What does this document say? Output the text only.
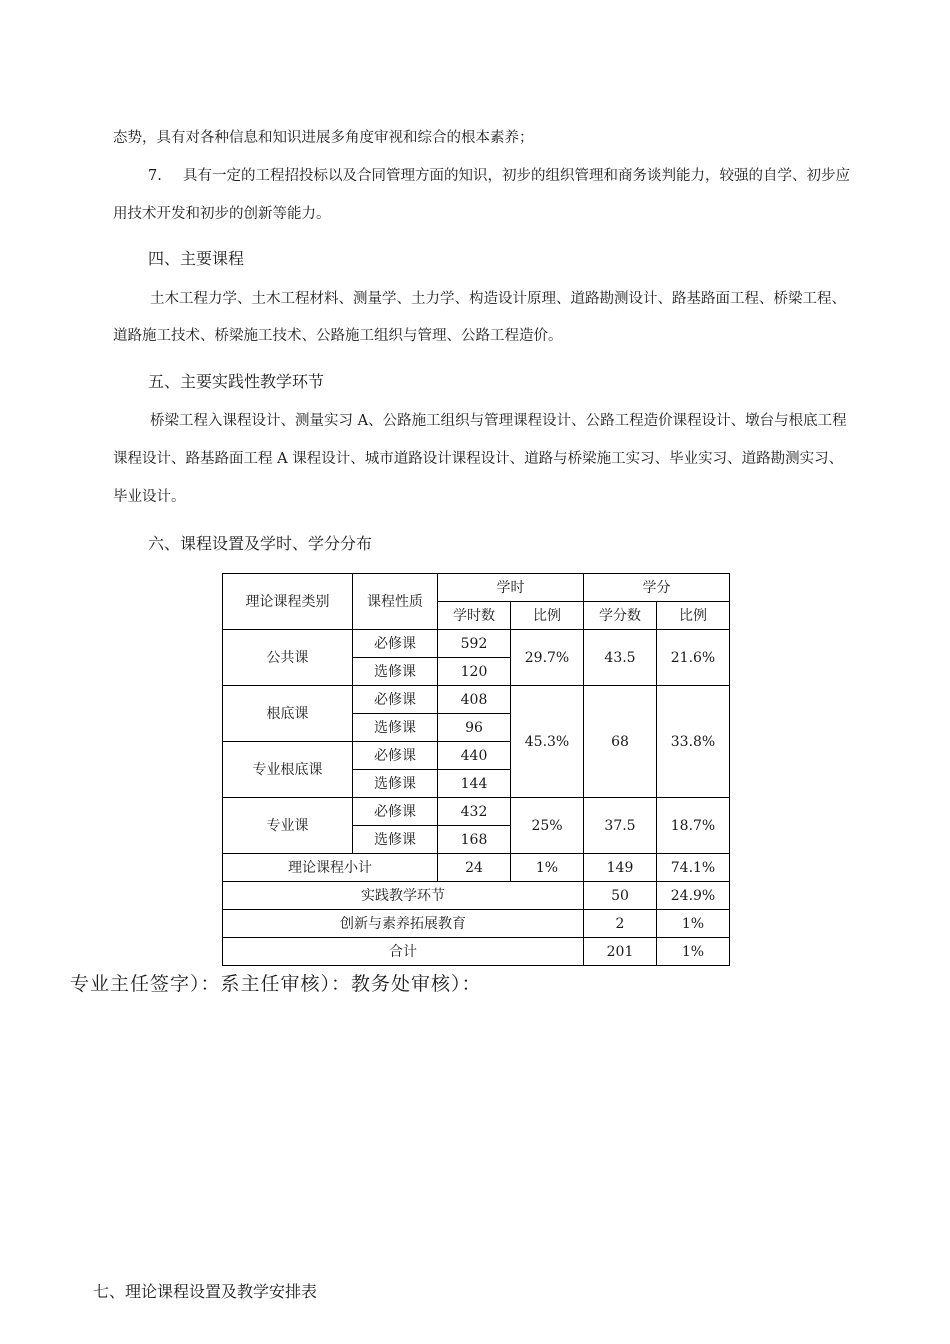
态势，具有对各种信息和知识进展多角度审视和综合的根本素养；
7. 具有一定的工程招投标以及合同管理方面的知识，初步的组织管理和商务谈判能力，较强的自学、初步应
用技术开发和初步的创新等能力。
四、主要课程
土木工程力学、土木工程材料、测量学、土力学、构造设计原理、道路勘测设计、路基路面工程、桥梁工程、
道路施工技术、桥梁施工技术、公路施工组织与管理、公路工程造价。
五、主要实践性教学环节
桥梁工程入课程设计、测量实习 A、公路施工组织与管理课程设计、公路工程造价课程设计、墩台与根底工程
课程设计、路基路面工程 A 课程设计、城市道路设计课程设计、道路与桥梁施工实习、毕业实习、道路勘测实习、
毕业设计。
六、课程设置及学时、学分分布
理论课程类别	课程性质	学时		学分	
		学时数	比例	学分数	比例
公共课	必修课	592	29.7%	43.5	21.6%
	选修课	120			
根底课	必修课	408	45.3%	68	33.8%
	选修课	96			
专业根底课	必修课	440			
	选修课	144			
专业课	必修课	432	25%	37.5	18.7%
	选修课	168			
理论课程小计		24	1%	149	74.1%
实践教学环节				50	24.9%
创新与素养拓展教育				2	1%
合计				201	1%
专业主任签字）：系主任审核）：教务处审核）：
七、理论课程设置及教学安排表
